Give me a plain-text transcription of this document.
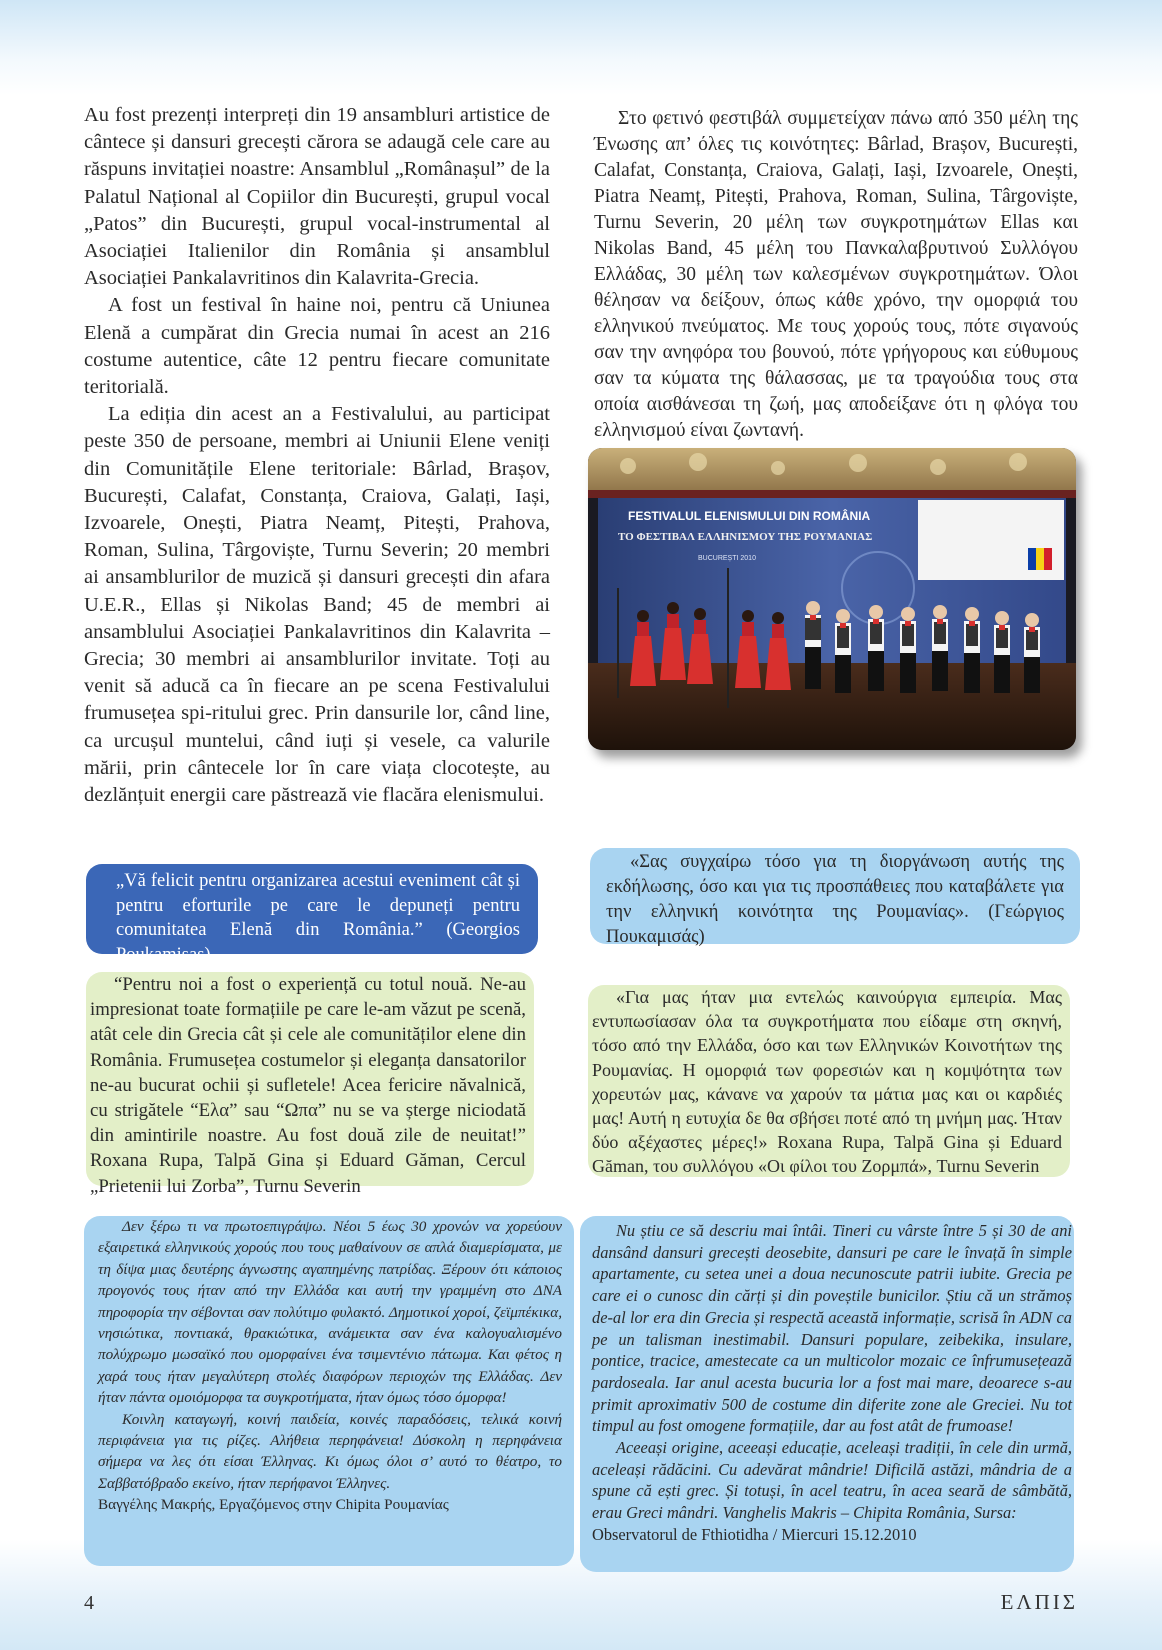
Au fost prezenți interpreți din 19 ansambluri artistice de cântece și dansuri grecești cărora se adaugă cele care au răspuns invitației noastre: Ansamblul „Românașul” de la Palatul Național al Copiilor din București, grupul vocal „Patos” din București, grupul vocal-instrumental al Asociației Italienilor din România și ansamblul Asociației Pankalavritinos din Kalavrita-Grecia.

A fost un festival în haine noi, pentru că Uniunea Elenă a cumpărat din Grecia numai în acest an 216 costume autentice, câte 12 pentru fiecare comunitate teritorială.

La ediția din acest an a Festivalului, au participat peste 350 de persoane, membri ai Uniunii Elene veniți din Comunitățile Elene teritoriale: Bârlad, Brașov, București, Calafat, Constanța, Craiova, Galați, Iași, Izvoarele, Onești, Piatra Neamț, Pitești, Prahova, Roman, Sulina, Târgoviște, Turnu Severin; 20 membri ai ansamblurilor de muzică și dansuri grecești din afara U.E.R., Ellas și Nikolas Band; 45 de membri ai ansamblului Asociației Pankalavritinos din Kalavrita – Grecia; 30 membri ai ansamblurilor invitate. Toți au venit să aducă ca în fiecare an pe scena Festivalului frumusețea spi-ritului grec. Prin dansurile lor, când line, ca urcușul muntelui, când iuți și vesele, ca valurile mării, prin cântecele lor în care viața clocotește, au dezlănțuit energii care păstrează vie flacăra elenismului.

Στο φετινό φεστιβάλ συμμετείχαν πάνω από 350 μέλη της Ένωσης απ’ όλες τις κοινότητες: Bârlad, Brașov, București, Calafat, Constanța, Craiova, Galați, Iași, Izvoarele, Onești, Piatra Neamț, Pitești, Prahova, Roman, Sulina, Târgoviște, Turnu Severin, 20 μέλη των συγκροτημάτων Ellas και Nikolas Band, 45 μέλη του Πανκαλαβρυτινού Συλλόγου Ελλάδας, 30 μέλη των καλεσμένων συγκροτημάτων. Όλοι θέλησαν να δείξουν, όπως κάθε χρόνο, την ομορφιά του ελληνικού πνεύματος. Με τους χορούς τους, πότε σιγανούς σαν την ανηφόρα του βουνού, πότε γρήγορους και εύθυμους σαν τα κύματα της θάλασσας, με τα τραγούδια τους στα οποία αισθάνεσαι τη ζωή, μας αποδείξανε ότι η φλόγα του ελληνισμού είναι ζωντανή.
FESTIVALUL ELENISMULUI DIN ROMÂNIA
ΤΟ ΦΕΣΤΙΒΑΛ ΕΛΛΗΝΙΣΜΟΥ ΤΗΣ ΡΟΥΜΑΝΙΑΣ
BUCUREȘTI 2010
„Vă felicit pentru organizarea acestui eveniment cât și pentru eforturile pe care le depuneți pentru comunitatea Elenă din România.” (Georgios Poukamisas)
«Σας συγχαίρω τόσο για τη διοργάνωση αυτής της εκδήλωσης, όσο και για τις προσπάθειες που καταβάλετε για την ελληνική κοινότητα της Ρουμανίας». (Γεώργιος Πουκαμισάς)
“Pentru noi a fost o experiență cu totul nouă. Ne-au impresionat toate formațiile pe care le-am văzut pe scenă, atât cele din Grecia cât și cele ale comunităților elene din România. Frumusețea costumelor și eleganța dansatorilor ne-au bucurat ochii și sufletele! Acea fericire năvalnică, cu strigătele “Ελα” sau “Ωπα” nu se va șterge niciodată din amintirile noastre. Au fost două zile de neuitat!” Roxana Rupa, Talpă Gina și Eduard Găman, Cercul „Prietenii lui Zorba”, Turnu Severin
«Για μας ήταν μια εντελώς καινούργια εμπειρία. Μας εντυπωσίασαν όλα τα συγκροτήματα που είδαμε στη σκηνή, τόσο από την Ελλάδα, όσο και των Ελληνικών Κοινοτήτων της Ρουμανίας. Η ομορφιά των φορεσιών και η κομψότητα των χορευτών μας, κάνανε να χαρούν τα μάτια μας και οι καρδιές μας! Αυτή η ευτυχία δε θα σβήσει ποτέ από τη μνήμη μας. Ήταν δύο αξέχαστες μέρες!» Roxana Rupa, Talpă Gina și Eduard Găman, του συλλόγου «Οι φίλοι του Ζορμπά», Turnu Severin

Δεν ξέρω τι να πρωτοεπιγράψω. Νέοι 5 έως 30 χρονών να χορεύουν εξαιρετικά ελληνικούς χορούς που τους μαθαίνουν σε απλά διαμερίσματα, με τη δίψα μιας δευτέρης άγνωστης αγαπημένης πατρίδας. Ξέρουν ότι κάποιος προγονός τους ήταν από την Ελλάδα και αυτή την γραμμένη στο ΔΝΑ πηροφορία την σέβονται σαν πολύτιμο φυλακτό. Δημοτικοί χοροί, ζεϊμπέκικα, νησιώτικα, ποντιακά, θρακιώτικα, ανάμεικτα σαν ένα καλογυαλισμένο πολύχρωμο μωσαϊκό που ομορφαίνει ένα τσιμεντένιο πάτωμα. Και φέτος η χαρά τους ήταν μεγαλύτερη στολές διαφόρων περιοχών της Ελλάδας. Δεν ήταν πάντα ομοιόμορφα τα συγκροτήματα, ήταν όμως τόσο όμορφα!

Κοινλη καταγωγή, κοινή παιδεία, κοινές παραδόσεις, τελικά κοινή περιφάνεια για τις ρίζες. Αλήθεια περηφάνεια! Δύσκολη η περηφάνεια σήμερα να λες ότι είσαι Έλληνας. Κι όμως όλοι σ’ αυτό το θέατρο, το Σαββατόβραδο εκείνο, ήταν περήφανοι Έλληνες.

Βαγγέλης Μακρής, Εργαζόμενος στην Chipita Ρουμανίας

Nu știu ce să descriu mai întâi. Tineri cu vârste între 5 și 30 de ani dansând dansuri grecești deosebite, dansuri pe care le învață în simple apartamente, cu setea unei a doua necunoscute patrii iubite. Grecia pe care ei o cunosc din cărți și din poveștile bunicilor. Știu că un strămoș de-al lor era din Grecia și respectă această informație, scrisă în ADN ca pe un talisman inestimabil. Dansuri populare, zeibekika, insulare, pontice, tracice, amestecate ca un multicolor mozaic ce înfrumusețează pardoseala. Iar anul acesta bucuria lor a fost mai mare, deoarece s-au primit aproximativ 500 de costume din diferite zone ale Greciei. Nu tot timpul au fost omogene formațiile, dar au fost atât de frumoase!

Aceeași origine, aceeași educație, aceleași tradiții, în cele din urmă, aceleași rădăcini. Cu adevărat mândrie! Dificilă astăzi, mândria de a spune că ești grec. Și totuși, în acel teatru, în acea seară de sâmbătă, erau Greci mândri. Vanghelis Makris – Chipita România, Sursa:

Observatorul de Fthiotidha / Miercuri 15.12.2010

4	ΕΛΠΙΣ
